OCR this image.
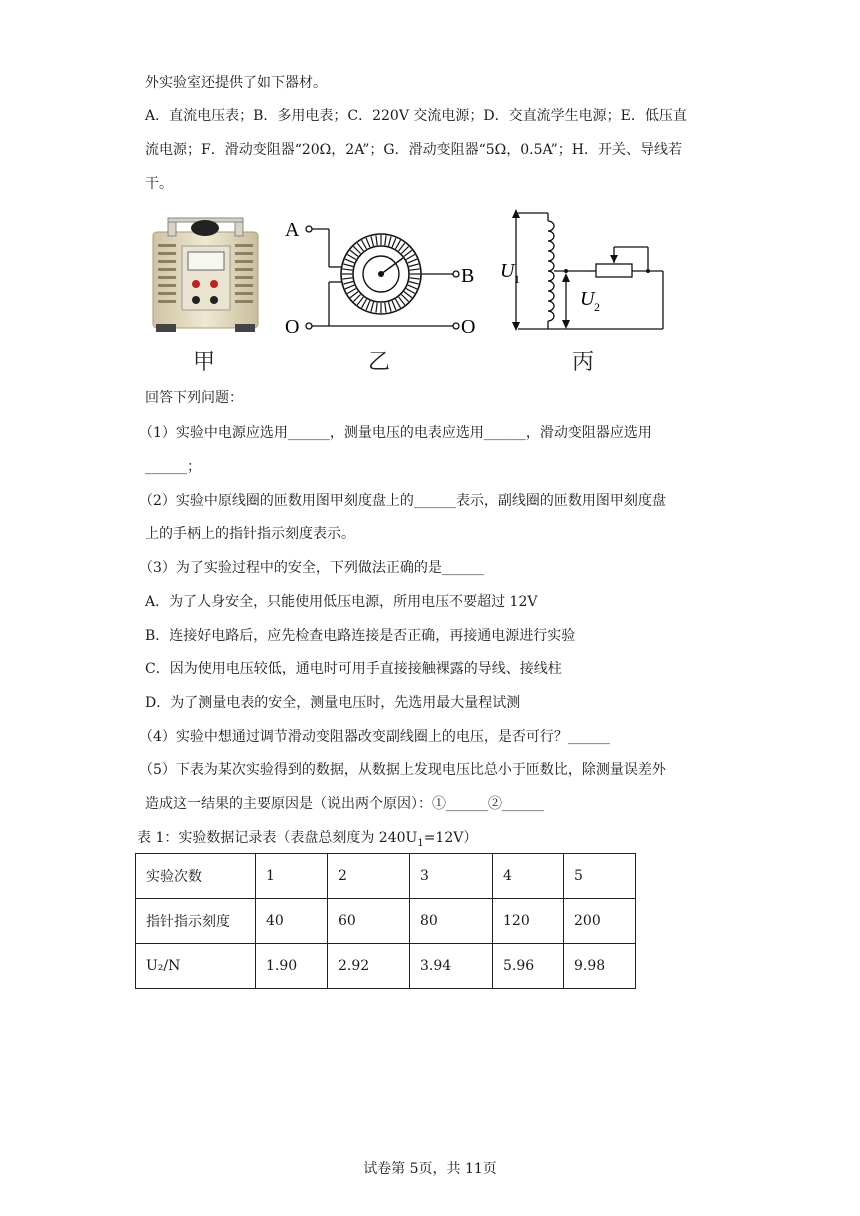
外实验室还提供了如下器材。
A．直流电压表；B．多用电表；C．220V 交流电源；D．交直流学生电源；E．低压直
流电源；F．滑动变阻器“20Ω，2A”；G．滑动变阻器“5Ω，0.5A”；H．开关、导线若
干。
A
B
O	O
U 1
U 2
甲	乙	丙
回答下列问题：
（1）实验中电源应选用______，测量电压的电表应选用______，滑动变阻器应选用
______；
（2）实验中原线圈的匝数用图甲刻度盘上的______表示，副线圈的匝数用图甲刻度盘
上的手柄上的指针指示刻度表示。
（3）为了实验过程中的安全，下列做法正确的是______
A．为了人身安全，只能使用低压电源，所用电压不要超过 12V
B．连接好电路后，应先检查电路连接是否正确，再接通电源进行实验
C．因为使用电压较低，通电时可用手直接接触裸露的导线、接线柱
D．为了测量电表的安全，测量电压时，先选用最大量程试测
（4）实验中想通过调节滑动变阻器改变副线圈上的电压，是否可行？______
（5）下表为某次实验得到的数据，从数据上发现电压比总小于匝数比，除测量误差外
造成这一结果的主要原因是（说出两个原因）：①______②______
表 1：实验数据记录表（表盘总刻度为 $240U_1=12V$）
实验次数	1	2	3	4	5
指针指示刻度	40	60	80	120	200
U₂/N	1.90	2.92	3.94	5.96	9.98
试卷第 5页，共 11页
